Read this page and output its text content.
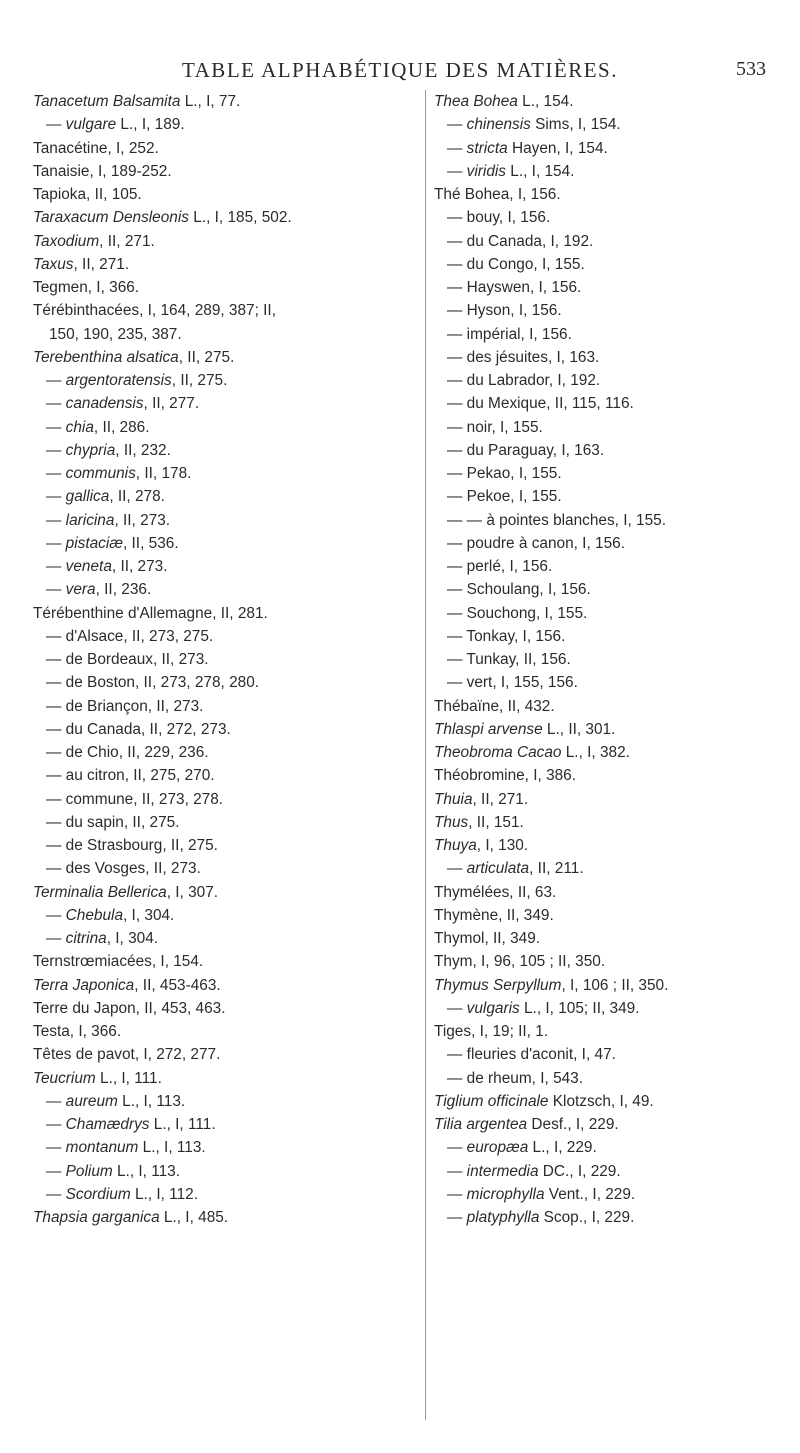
TABLE ALPHABÉTIQUE DES MATIÈRES.	533
Tanacetum Balsamita L., I, 77.
— vulgare L., I, 189.
Tanacétine, I, 252.
Tanaisie, I, 189-252.
Tapioka, II, 105.
Taraxacum Densleonis L., I, 185, 502.
Taxodium, II, 271.
Taxus, II, 271.
Tegmen, I, 366.
Térébinthacées, I, 164, 289, 387; II,
150, 190, 235, 387.
Terebenthina alsatica, II, 275.
— argentoratensis, II, 275.
— canadensis, II, 277.
— chia, II, 286.
— chypria, II, 232.
— communis, II, 178.
— gallica, II, 278.
— laricina, II, 273.
— pistaciæ, II, 536.
— veneta, II, 273.
— vera, II, 236.
Térébenthine d'Allemagne, II, 281.
— d'Alsace, II, 273, 275.
— de Bordeaux, II, 273.
— de Boston, II, 273, 278, 280.
— de Briançon, II, 273.
— du Canada, II, 272, 273.
— de Chio, II, 229, 236.
— au citron, II, 275, 270.
— commune, II, 273, 278.
— du sapin, II, 275.
— de Strasbourg, II, 275.
— des Vosges, II, 273.
Terminalia Bellerica, I, 307.
— Chebula, I, 304.
— citrina, I, 304.
Ternstrœmiacées, I, 154.
Terra Japonica, II, 453-463.
Terre du Japon, II, 453, 463.
Testa, I, 366.
Têtes de pavot, I, 272, 277.
Teucrium L., I, 111.
— aureum L., I, 113.
— Chamædrys L., I, 111.
— montanum L., I, 113.
— Polium L., I, 113.
— Scordium L., I, 112.
Thapsia garganica L., I, 485.
Thea Bohea L., 154.
— chinensis Sims, I, 154.
— stricta Hayen, I, 154.
— viridis L., I, 154.
Thé Bohea, I, 156.
— bouy, I, 156.
— du Canada, I, 192.
— du Congo, I, 155.
— Hayswen, I, 156.
— Hyson, I, 156.
— impérial, I, 156.
— des jésuites, I, 163.
— du Labrador, I, 192.
— du Mexique, II, 115, 116.
— noir, I, 155.
— du Paraguay, I, 163.
— Pekao, I, 155.
— Pekoe, I, 155.
— — à pointes blanches, I, 155.
— poudre à canon, I, 156.
— perlé, I, 156.
— Schoulang, I, 156.
— Souchong, I, 155.
— Tonkay, I, 156.
— Tunkay, II, 156.
— vert, I, 155, 156.
Thébaïne, II, 432.
Thlaspi arvense L., II, 301.
Theobroma Cacao L., I, 382.
Théobromine, I, 386.
Thuia, II, 271.
Thus, II, 151.
Thuya, I, 130.
— articulata, II, 211.
Thymélées, II, 63.
Thymène, II, 349.
Thymol, II, 349.
Thym, I, 96, 105 ; II, 350.
Thymus Serpyllum, I, 106 ; II, 350.
— vulgaris L., I, 105; II, 349.
Tiges, I, 19; II, 1.
— fleuries d'aconit, I, 47.
— de rheum, I, 543.
Tiglium officinale Klotzsch, I, 49.
Tilia argentea Desf., I, 229.
— europæa L., I, 229.
— intermedia DC., I, 229.
— microphylla Vent., I, 229.
— platyphylla Scop., I, 229.
